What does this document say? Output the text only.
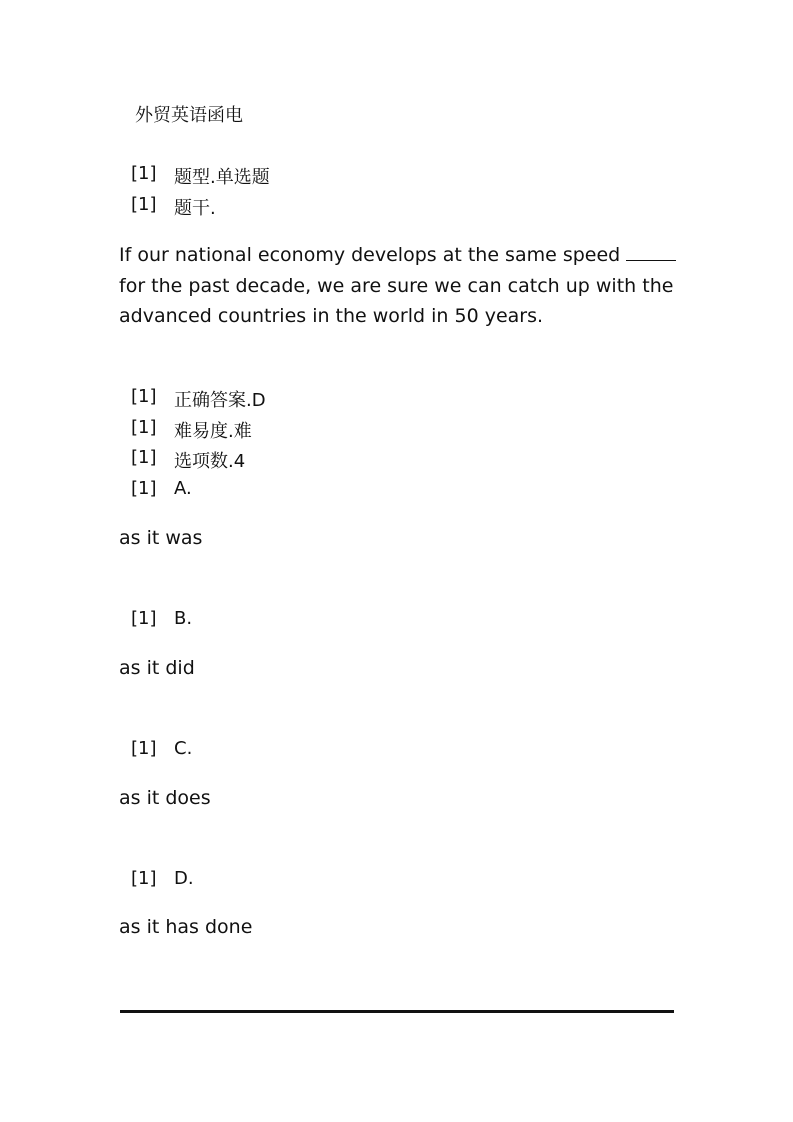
外贸英语函电
[1] 题型.单选题
[1] 题干.
If our national economy develops at the same speed  for the past decade, we are sure we can catch up with the advanced countries in the world in 50 years.
[1] 正确答案.D
[1] 难易度.难
[1] 选项数.4
[1] A.
as it was
[1] B.
as it did
[1] C.
as it does
[1] D.
as it has done
